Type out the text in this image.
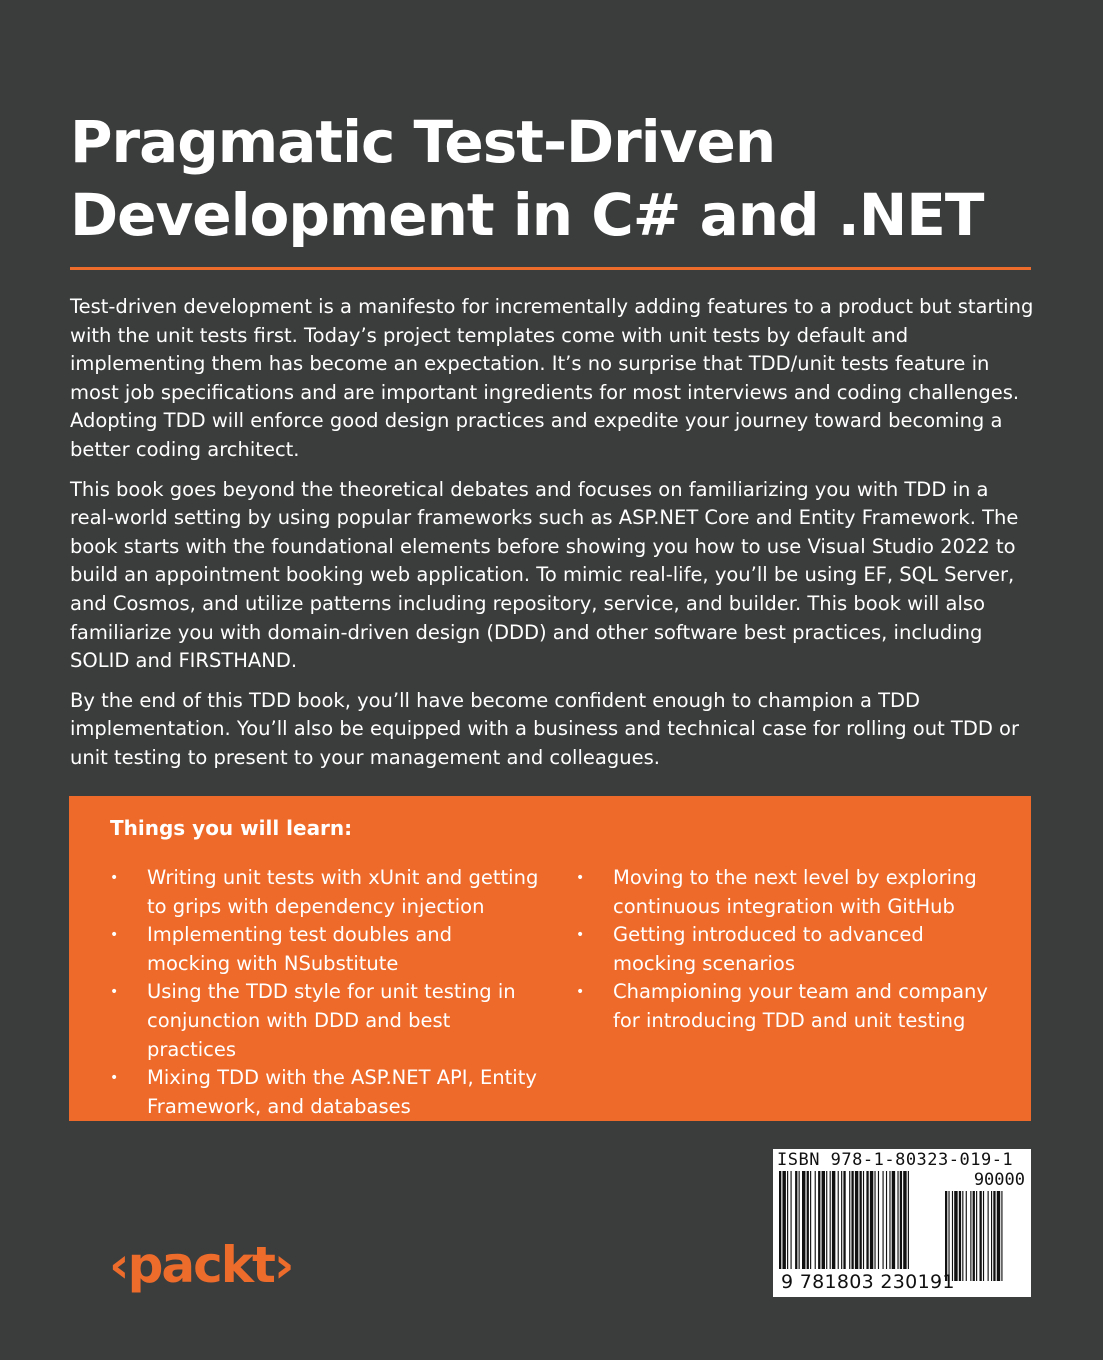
Pragmatic Test-Driven
Development in C# and .NET

Test-driven development is a manifesto for incrementally adding features to a product but starting with the unit tests first. Today’s project templates come with unit tests by default and implementing them has become an expectation. It’s no surprise that TDD/unit tests feature in most job specifications and are important ingredients for most interviews and coding challenges. Adopting TDD will enforce good design practices and expedite your journey toward becoming a better coding architect.

This book goes beyond the theoretical debates and focuses on familiarizing you with TDD in a real-world setting by using popular frameworks such as ASP.NET Core and Entity Framework. The book starts with the foundational elements before showing you how to use Visual Studio 2022 to build an appointment booking web application. To mimic real-life, you’ll be using EF, SQL Server, and Cosmos, and utilize patterns including repository, service, and builder. This book will also familiarize you with domain-driven design (DDD) and other software best practices, including SOLID and FIRSTHAND.

By the end of this TDD book, you’ll have become confident enough to champion a TDD implementation. You’ll also be equipped with a business and technical case for rolling out TDD or unit testing to present to your management and colleagues.

Things you will learn:
• Writing unit tests with xUnit and getting to grips with dependency injection
• Implementing test doubles and mocking with NSubstitute
• Using the TDD style for unit testing in conjunction with DDD and best practices
• Mixing TDD with the ASP.NET API, Entity Framework, and databases
• Moving to the next level by exploring continuous integration with GitHub
• Getting introduced to advanced mocking scenarios
• Championing your team and company for introducing TDD and unit testing
ISBN 978-1-80323-019-1
90000
9 781803 230191
‹packt›
